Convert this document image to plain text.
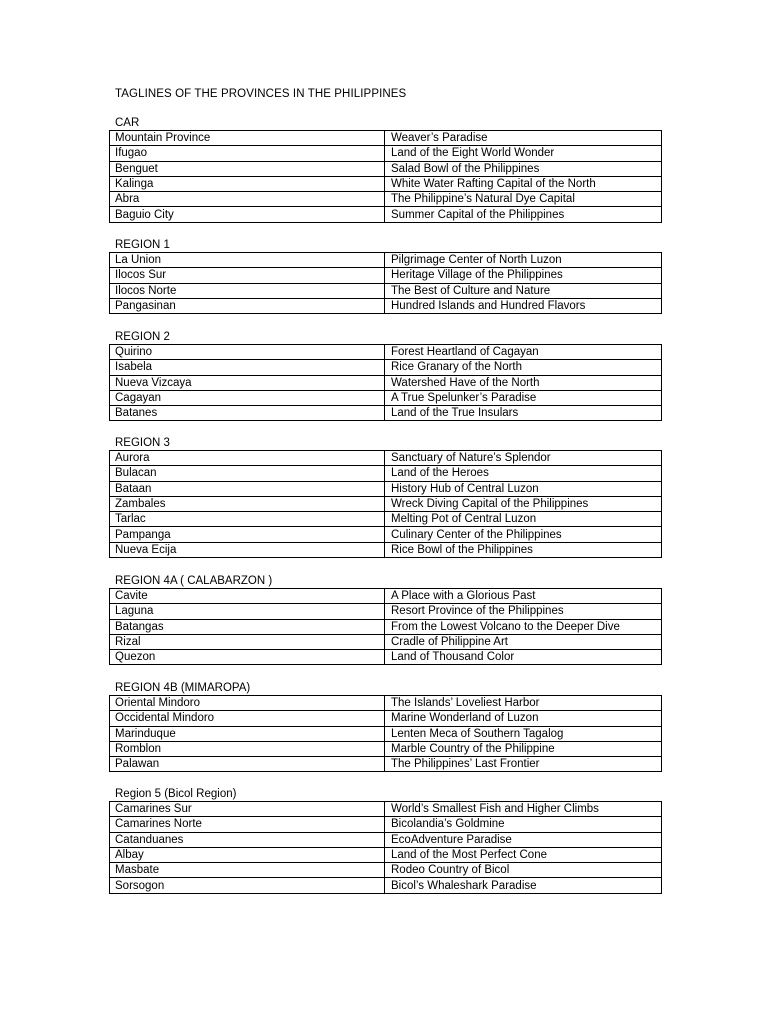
TAGLINES OF THE PROVINCES IN THE PHILIPPINES
CAR
Mountain Province	Weaver’s Paradise
Ifugao	Land of the Eight World Wonder
Benguet	Salad Bowl of the Philippines
Kalinga	White Water Rafting Capital of the North
Abra	The Philippine’s Natural Dye Capital
Baguio City	Summer Capital of the Philippines
REGION 1
La Union	Pilgrimage Center of North Luzon
Ilocos Sur	Heritage Village of the Philippines
Ilocos Norte	The Best of Culture and Nature
Pangasinan	Hundred Islands and Hundred Flavors
REGION 2
Quirino	Forest Heartland of Cagayan
Isabela	Rice Granary of the North
Nueva Vizcaya	Watershed Have of the North
Cagayan	A True Spelunker’s Paradise
Batanes	Land of the True Insulars
REGION 3
Aurora	Sanctuary of Nature’s Splendor
Bulacan	Land of the Heroes
Bataan	History Hub of Central Luzon
Zambales	Wreck Diving Capital of the Philippines
Tarlac	Melting Pot of Central Luzon
Pampanga	Culinary Center of the Philippines
Nueva Ecija	Rice Bowl of the Philippines
REGION 4A ( CALABARZON )
Cavite	A Place with a Glorious Past
Laguna	Resort Province of the Philippines
Batangas	From the Lowest Volcano to the Deeper Dive
Rizal	Cradle of Philippine Art
Quezon	Land of Thousand Color
REGION 4B (MIMAROPA)
Oriental Mindoro	The Islands’ Loveliest Harbor
Occidental Mindoro	Marine Wonderland of Luzon
Marinduque	Lenten Meca of Southern Tagalog
Romblon	Marble Country of the Philippine
Palawan	The Philippines’ Last Frontier
Region 5 (Bicol Region)
Camarines Sur	World’s Smallest Fish and Higher Climbs
Camarines Norte	Bicolandia’s Goldmine
Catanduanes	EcoAdventure Paradise
Albay	Land of the Most Perfect Cone
Masbate	Rodeo Country of Bicol
Sorsogon	Bicol’s Whaleshark Paradise
